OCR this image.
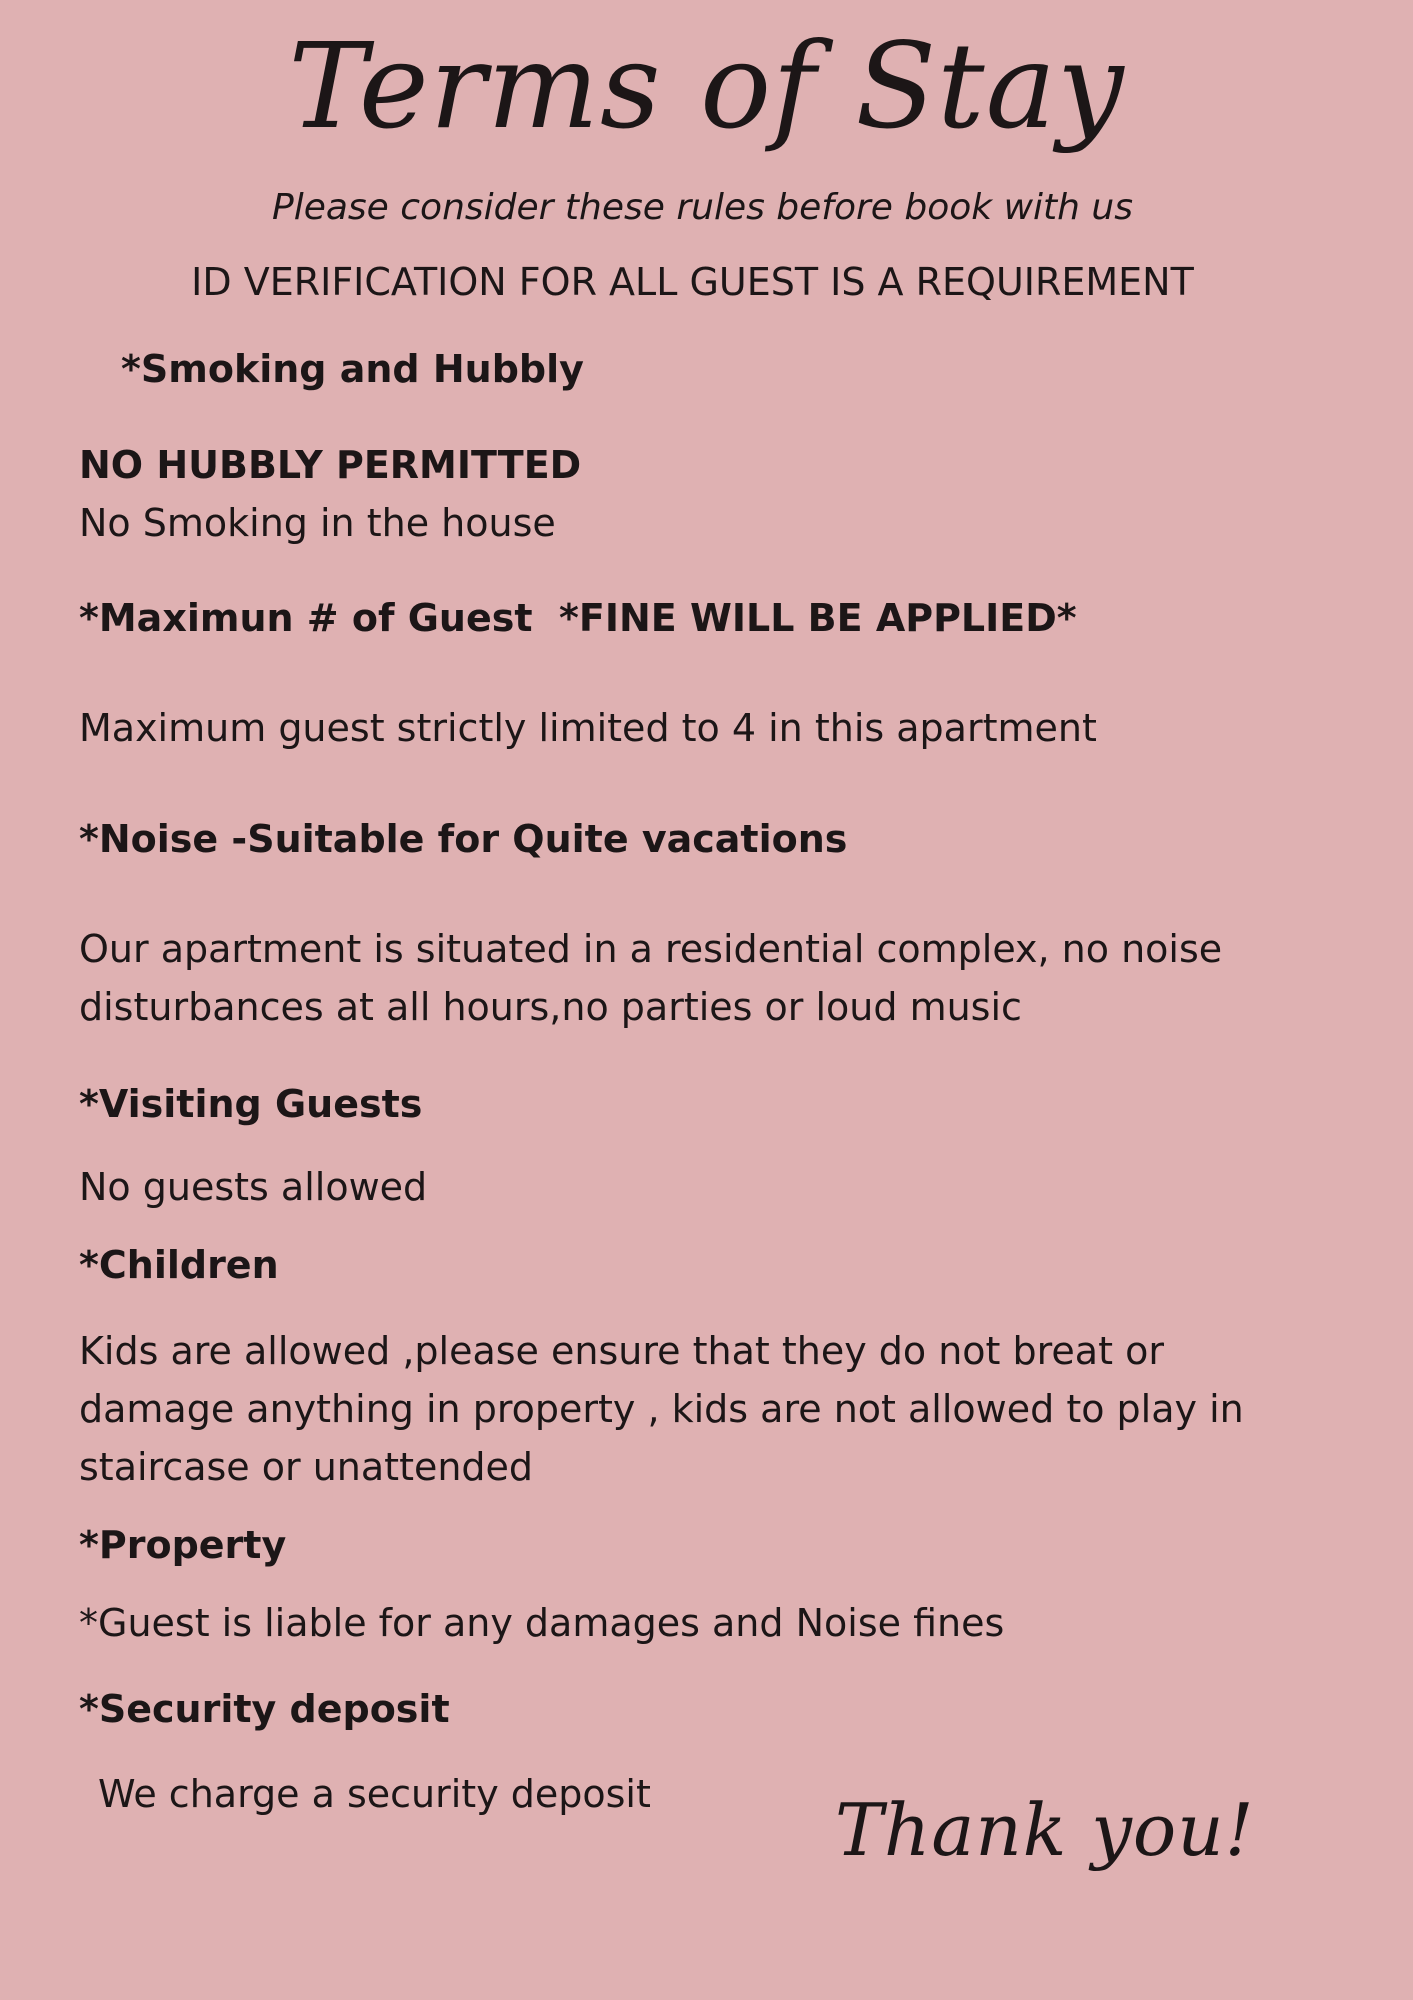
Terms of Stay
Please consider these rules before book with us
ID VERIFICATION FOR ALL GUEST IS A REQUIREMENT

*Smoking and Hubbly

NO HUBBLY PERMITTED

No Smoking in the house

*Maximun # of Guest  *FINE WILL BE APPLIED*

Maximum guest strictly limited to 4 in this apartment

*Noise -Suitable for Quite vacations

Our apartment is situated in a residential complex, no noise

disturbances at all hours,no parties or loud music

*Visiting Guests

No guests allowed

*Children

Kids are allowed ,please ensure that they do not breat or

damage anything in property , kids are not allowed to play in

staircase or unattended

*Property

*Guest is liable for any damages and Noise fines

*Security deposit

We charge a security deposit	Thank you!
